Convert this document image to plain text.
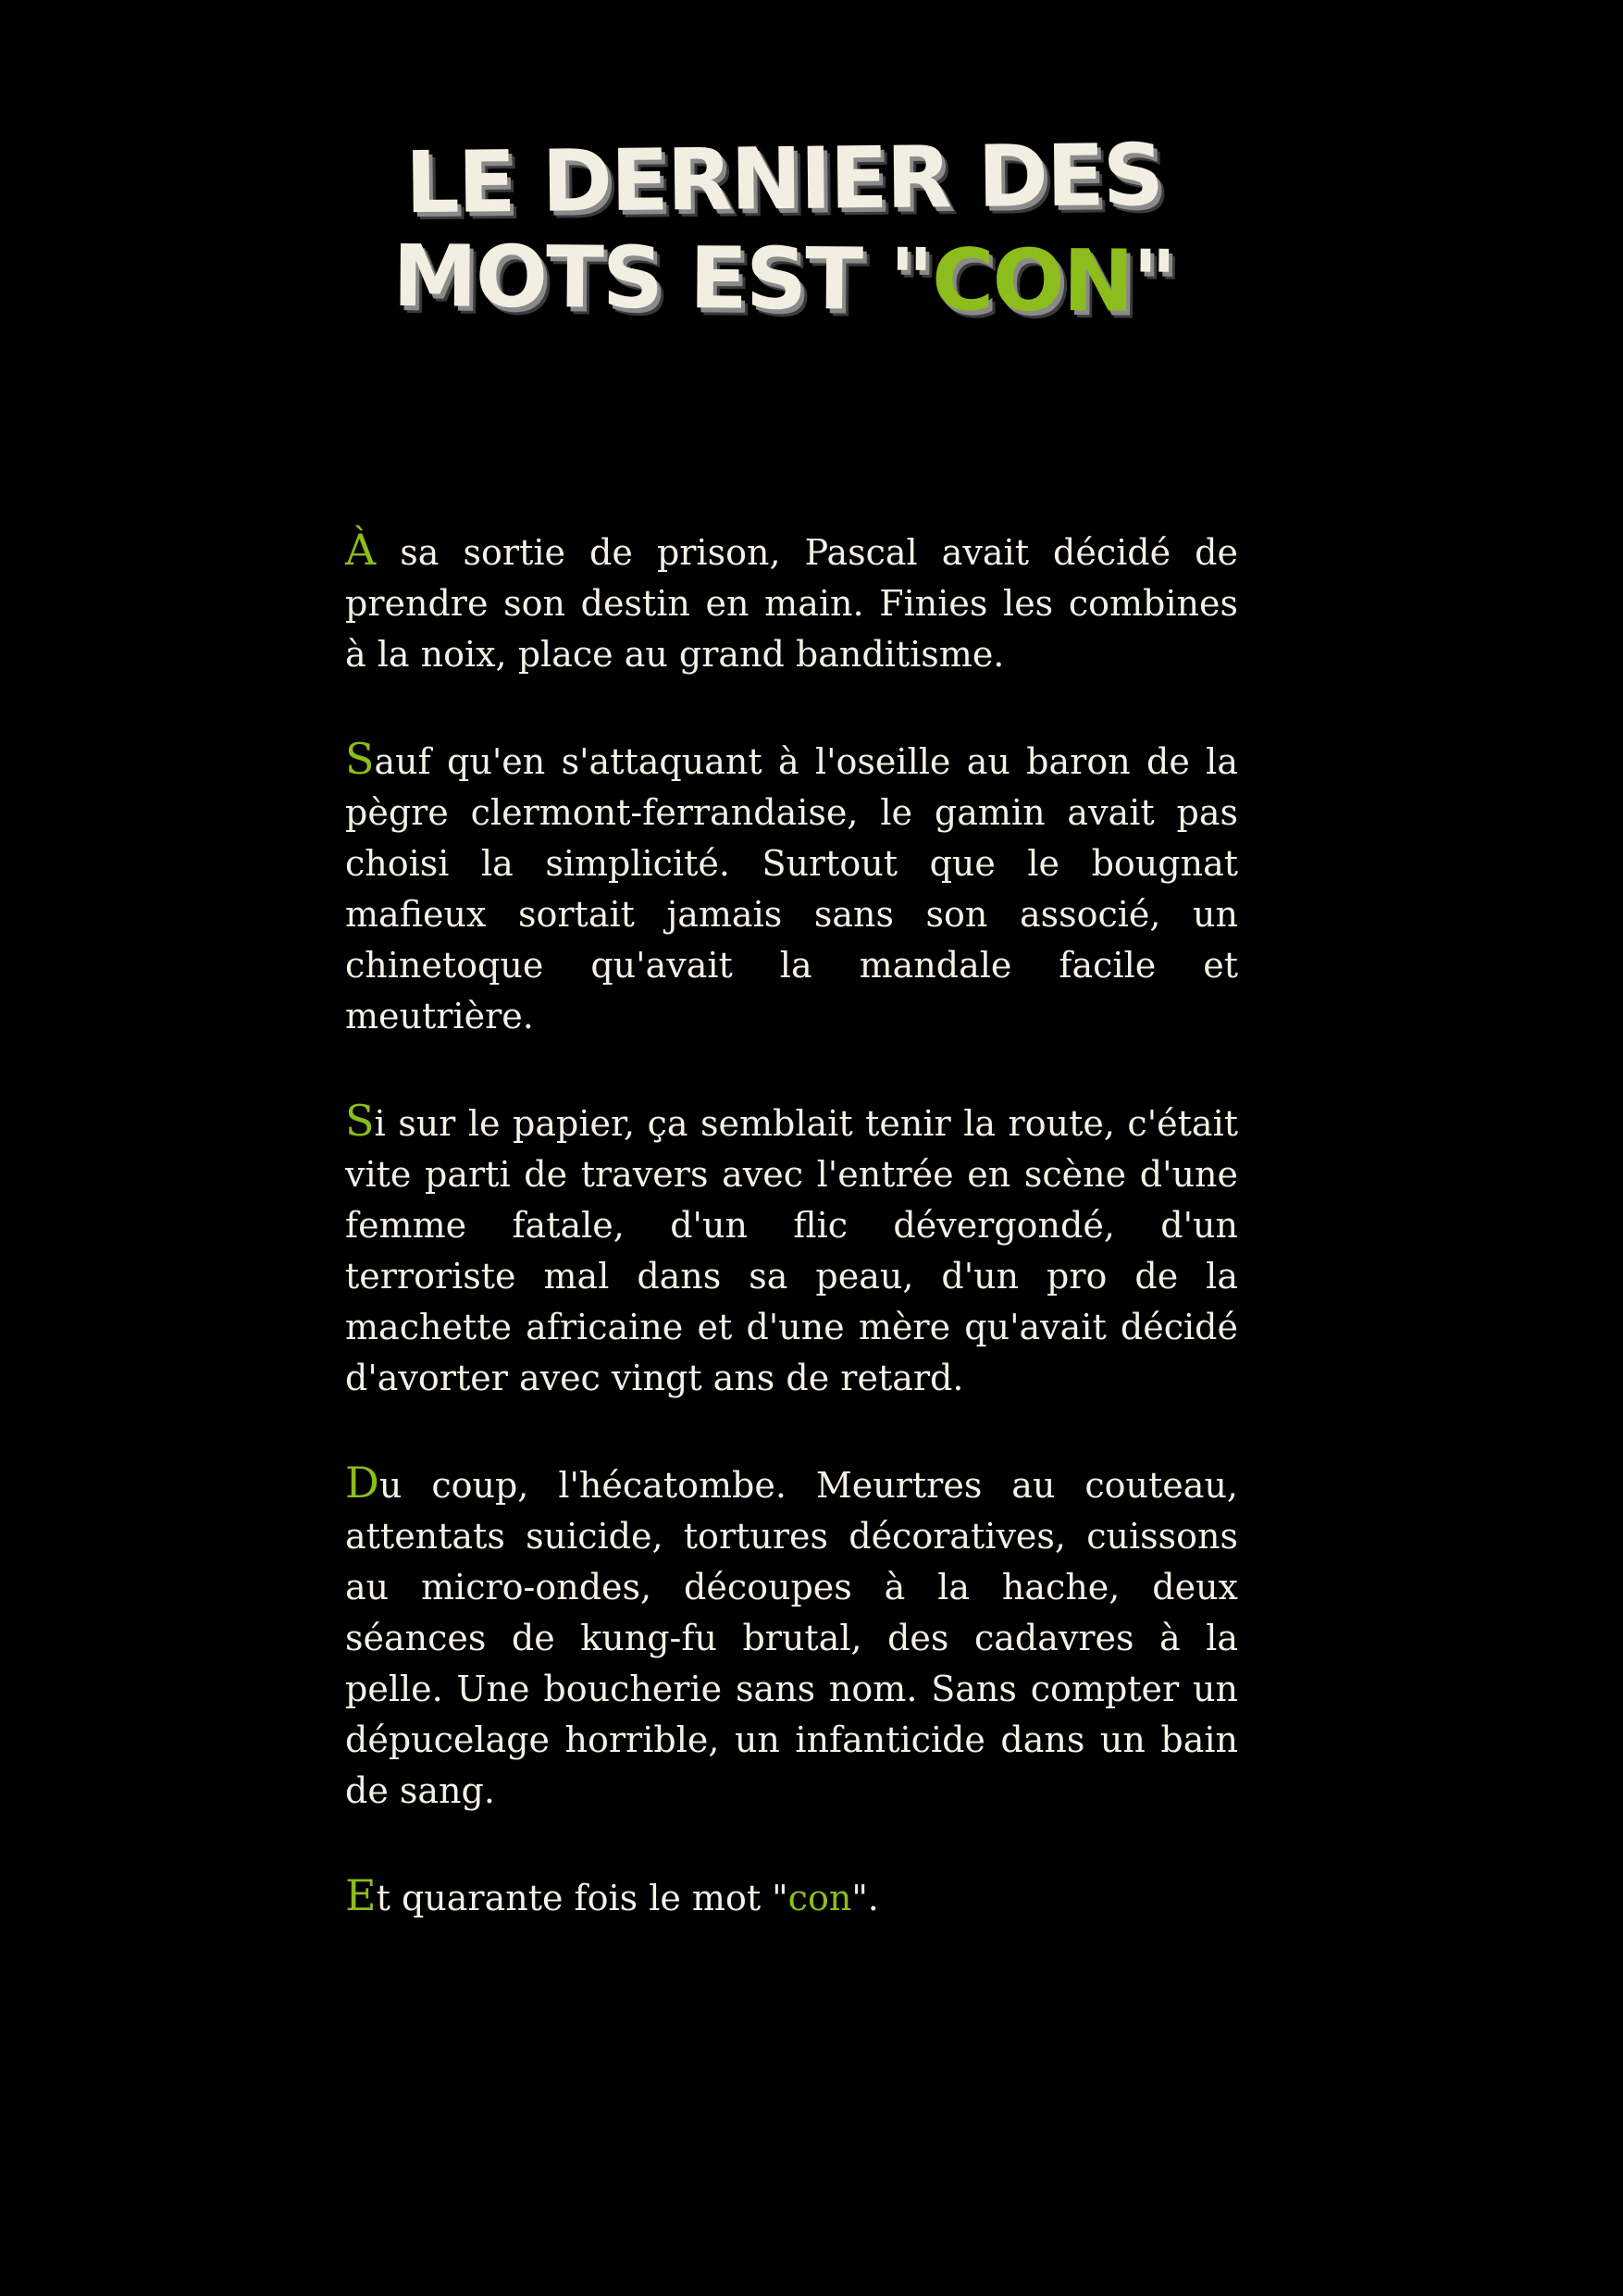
LE DERNIER DES
MOTS EST "CON"

À sa sortie de prison, Pascal avait décidé de prendre son destin en main. Finies les combines à la noix, place au grand banditisme.

Sauf qu'en s'attaquant à l'oseille au baron de la pègre clermont-ferrandaise, le gamin avait pas choisi la simplicité. Surtout que le bougnat mafieux sortait jamais sans son associé, un chinetoque qu'avait la mandale facile et meutrière.

Si sur le papier, ça semblait tenir la route, c'était vite parti de travers avec l'entrée en scène d'une femme fatale, d'un flic dévergondé, d'un terroriste mal dans sa peau, d'un pro de la machette africaine et d'une mère qu'avait décidé d'avorter avec vingt ans de retard.

Du coup, l'hécatombe. Meurtres au couteau, attentats suicide, tortures décoratives, cuissons au micro-ondes, découpes à la hache, deux séances de kung-fu brutal, des cadavres à la pelle. Une boucherie sans nom. Sans compter un dépucelage horrible, un infanticide dans un bain de sang.

Et quarante fois le mot "con".
